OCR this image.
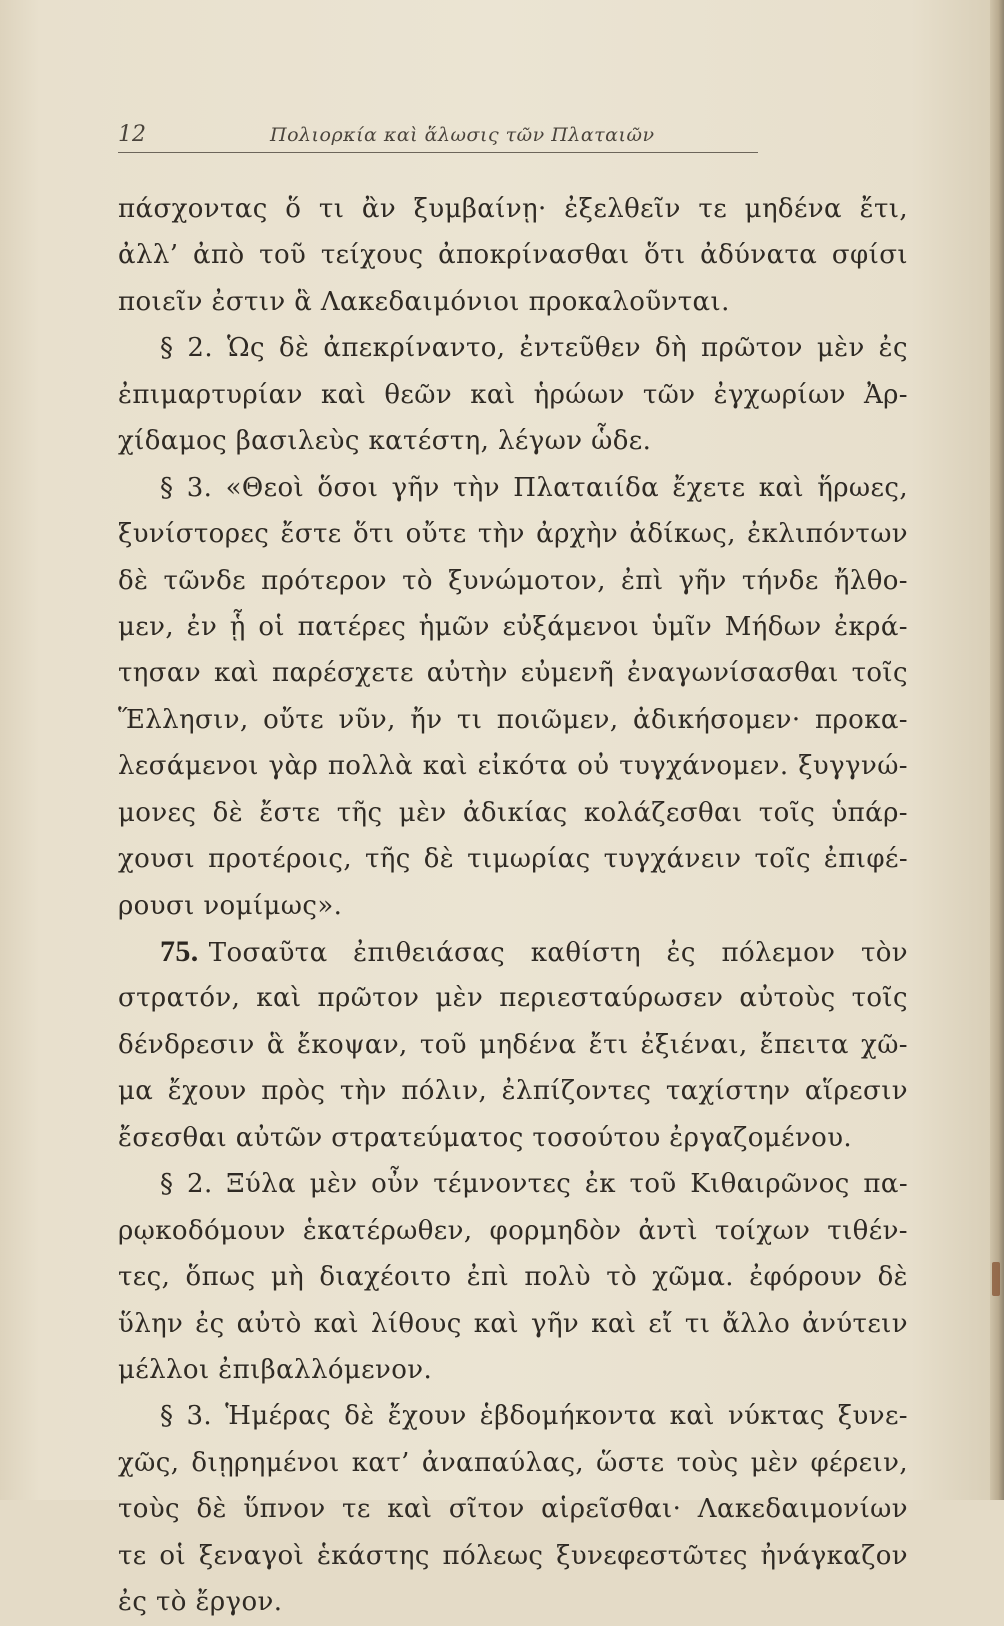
12	Πολιορκία καὶ ἅλωσις τῶν Πλαταιῶν
πάσχοντας ὅ τι ἂν ξυμβαίνῃ· ἐξελθεῖν τε μηδένα ἔτι,
ἀλλ’ ἀπὸ τοῦ τείχους ἀποκρίνασθαι ὅτι ἀδύνατα σφίσι
ποιεῖν ἐστιν ἃ Λακεδαιμόνιοι προκαλοῦνται.
§ 2. Ὡς δὲ ἀπεκρίναντο, ἐντεῦθεν δὴ πρῶτον μὲν ἐς
ἐπιμαρτυρίαν καὶ θεῶν καὶ ἡρώων τῶν ἐγχωρίων Ἀρ-
χίδαμος βασιλεὺς κατέστη, λέγων ὧδε.
§ 3. «Θεοὶ ὅσοι γῆν τὴν Πλαταιίδα ἔχετε καὶ ἥρωες,
ξυνίστορες ἔστε ὅτι οὔτε τὴν ἀρχὴν ἀδίκως, ἐκλιπόντων
δὲ τῶνδε πρότερον τὸ ξυνώμοτον, ἐπὶ γῆν τήνδε ἤλθο-
μεν, ἐν ᾗ οἱ πατέρες ἡμῶν εὐξάμενοι ὑμῖν Μήδων ἐκρά-
τησαν καὶ παρέσχετε αὐτὴν εὐμενῆ ἐναγωνίσασθαι τοῖς
Ἕλλησιν, οὔτε νῦν, ἤν τι ποιῶμεν, ἀδικήσομεν· προκα-
λεσάμενοι γὰρ πολλὰ καὶ εἰκότα οὐ τυγχάνομεν. ξυγγνώ-
μονες δὲ ἔστε τῆς μὲν ἀδικίας κολάζεσθαι τοῖς ὑπάρ-
χουσι προτέροις, τῆς δὲ τιμωρίας τυγχάνειν τοῖς ἐπιφέ-
ρουσι νομίμως».
75. Τοσαῦτα ἐπιθειάσας καθίστη ἐς πόλεμον τὸν
στρατόν, καὶ πρῶτον μὲν περιεσταύρωσεν αὐτοὺς τοῖς
δένδρεσιν ἃ ἔκοψαν, τοῦ μηδένα ἔτι ἐξιέναι, ἔπειτα χῶ-
μα ἔχουν πρὸς τὴν πόλιν, ἐλπίζοντες ταχίστην αἵρεσιν
ἔσεσθαι αὐτῶν στρατεύματος τοσούτου ἐργαζομένου.
§ 2. Ξύλα μὲν οὖν τέμνοντες ἐκ τοῦ Κιθαιρῶνος πα-
ρῳκοδόμουν ἑκατέρωθεν, φορμηδὸν ἀντὶ τοίχων τιθέν-
τες, ὅπως μὴ διαχέοιτο ἐπὶ πολὺ τὸ χῶμα. ἐφόρουν δὲ
ὕλην ἐς αὐτὸ καὶ λίθους καὶ γῆν καὶ εἴ τι ἄλλο ἀνύτειν
μέλλοι ἐπιβαλλόμενον.
§ 3. Ἡμέρας δὲ ἔχουν ἑβδομήκοντα καὶ νύκτας ξυνε-
χῶς, διῃρημένοι κατ’ ἀναπαύλας, ὥστε τοὺς μὲν φέρειν,
τοὺς δὲ ὕπνον τε καὶ σῖτον αἱρεῖσθαι· Λακεδαιμονίων
τε οἱ ξεναγοὶ ἑκάστης πόλεως ξυνεφεστῶτες ἠνάγκαζον
ἐς τὸ ἔργον.
